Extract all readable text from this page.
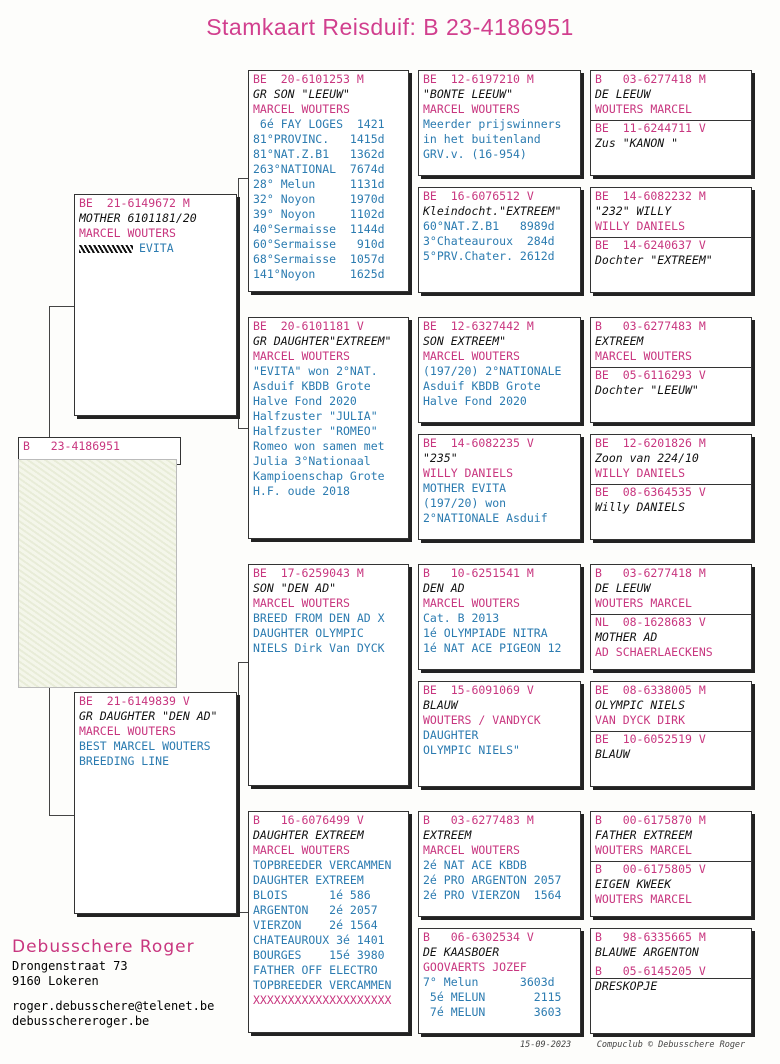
Stamkaart Reisduif: B 23-4186951
B   23-4186951
BE  21-6149672 M
MOTHER 6101181/20
MARCEL WOUTERS
EVITA
BE  21-6149839 V
GR DAUGHTER "DEN AD"
MARCEL WOUTERS
BEST MARCEL WOUTERS
BREEDING LINE
BE  20-6101253 M
GR SON "LEEUW"
MARCEL WOUTERS
6é FAY LOGES  1421
81°PROVINC.   1415d
81°NAT.Z.B1   1362d
263°NATIONAL  7674d
28° Melun     1131d
32° Noyon     1970d
39° Noyon     1102d
40°Sermaisse  1144d
60°Sermaisse   910d
68°Sermaisse  1057d
141°Noyon     1625d
BE  20-6101181 V
GR DAUGHTER"EXTREEM"
MARCEL WOUTERS
"EVITA" won 2°NAT.
Asduif KBDB Grote
Halve Fond 2020
Halfzuster "JULIA"
Halfzuster "ROMEO"
Romeo won samen met
Julia 3°Nationaal
Kampioenschap Grote
H.F. oude 2018
BE  17-6259043 M
SON "DEN AD"
MARCEL WOUTERS
BREED FROM DEN AD X
DAUGHTER OLYMPIC
NIELS Dirk Van DYCK
B   16-6076499 V
DAUGHTER EXTREEM
MARCEL WOUTERS
TOPBREEDER VERCAMMEN
DAUGHTER EXTREEM
BLOIS      1é 586
ARGENTON   2é 2057
VIERZON    2é 1564
CHATEAUROUX 3é 1401
BOURGES    15é 3980
FATHER OFF ELECTRO
TOPBREEDER VERCAMMEN
XXXXXXXXXXXXXXXXXXXX
BE  12-6197210 M
"BONTE LEEUW"
MARCEL WOUTERS
Meerder prijswinners
in het buitenland
GRV.v. (16-954)
BE  16-6076512 V
Kleindocht."EXTREEM"
60°NAT.Z.B1   8989d
3°Chateauroux  284d
5°PRV.Chater. 2612d
BE  12-6327442 M
SON EXTREEM"
MARCEL WOUTERS
(197/20) 2°NATIONALE
Asduif KBDB Grote
Halve Fond 2020
BE  14-6082235 V
"235"
WILLY DANIELS
MOTHER EVITA
(197/20) won
2°NATIONALE Asduif
B   10-6251541 M
DEN AD
MARCEL WOUTERS
Cat. B 2013
1é OLYMPIADE NITRA
1é NAT ACE PIGEON 12
BE  15-6091069 V
BLAUW
WOUTERS / VANDYCK
DAUGHTER
OLYMPIC NIELS"
B   03-6277483 M
EXTREEM
MARCEL WOUTERS
2é NAT ACE KBDB
2é PRO ARGENTON 2057
2é PRO VIERZON  1564
B   06-6302534 V
DE KAASBOER
GOOVAERTS JOZEF
7° Melun      3603d
5é MELUN       2115
7é MELUN       3603
B   03-6277418 M
DE LEEUW
WOUTERS MARCEL
BE  11-6244711 V
Zus "KANON "
BE  14-6082232 M
"232" WILLY
WILLY DANIELS
BE  14-6240637 V
Dochter "EXTREEM"
B   03-6277483 M
EXTREEM
MARCEL WOUTERS
BE  05-6116293 V
Dochter "LEEUW"
BE  12-6201826 M
Zoon van 224/10
WILLY DANIELS
BE  08-6364535 V
Willy DANIELS
B   03-6277418 M
DE LEEUW
WOUTERS MARCEL
NL  08-1628683 V
MOTHER AD
AD SCHAERLAECKENS
BE  08-6338005 M
OLYMPIC NIELS
VAN DYCK DIRK
BE  10-6052519 V
BLAUW
B   00-6175870 M
FATHER EXTREEM
WOUTERS MARCEL
B   00-6175805 V
EIGEN KWEEK
WOUTERS MARCEL
B   98-6335665 M
BLAUWE ARGENTON
B   05-6145205 V
DRESKOPJE
Debusschere Roger
Drongenstraat 73
9160 Lokeren
roger.debusschere@telenet.be
debusschereroger.be
15-09-2023     Compuclub © Debusschere Roger
